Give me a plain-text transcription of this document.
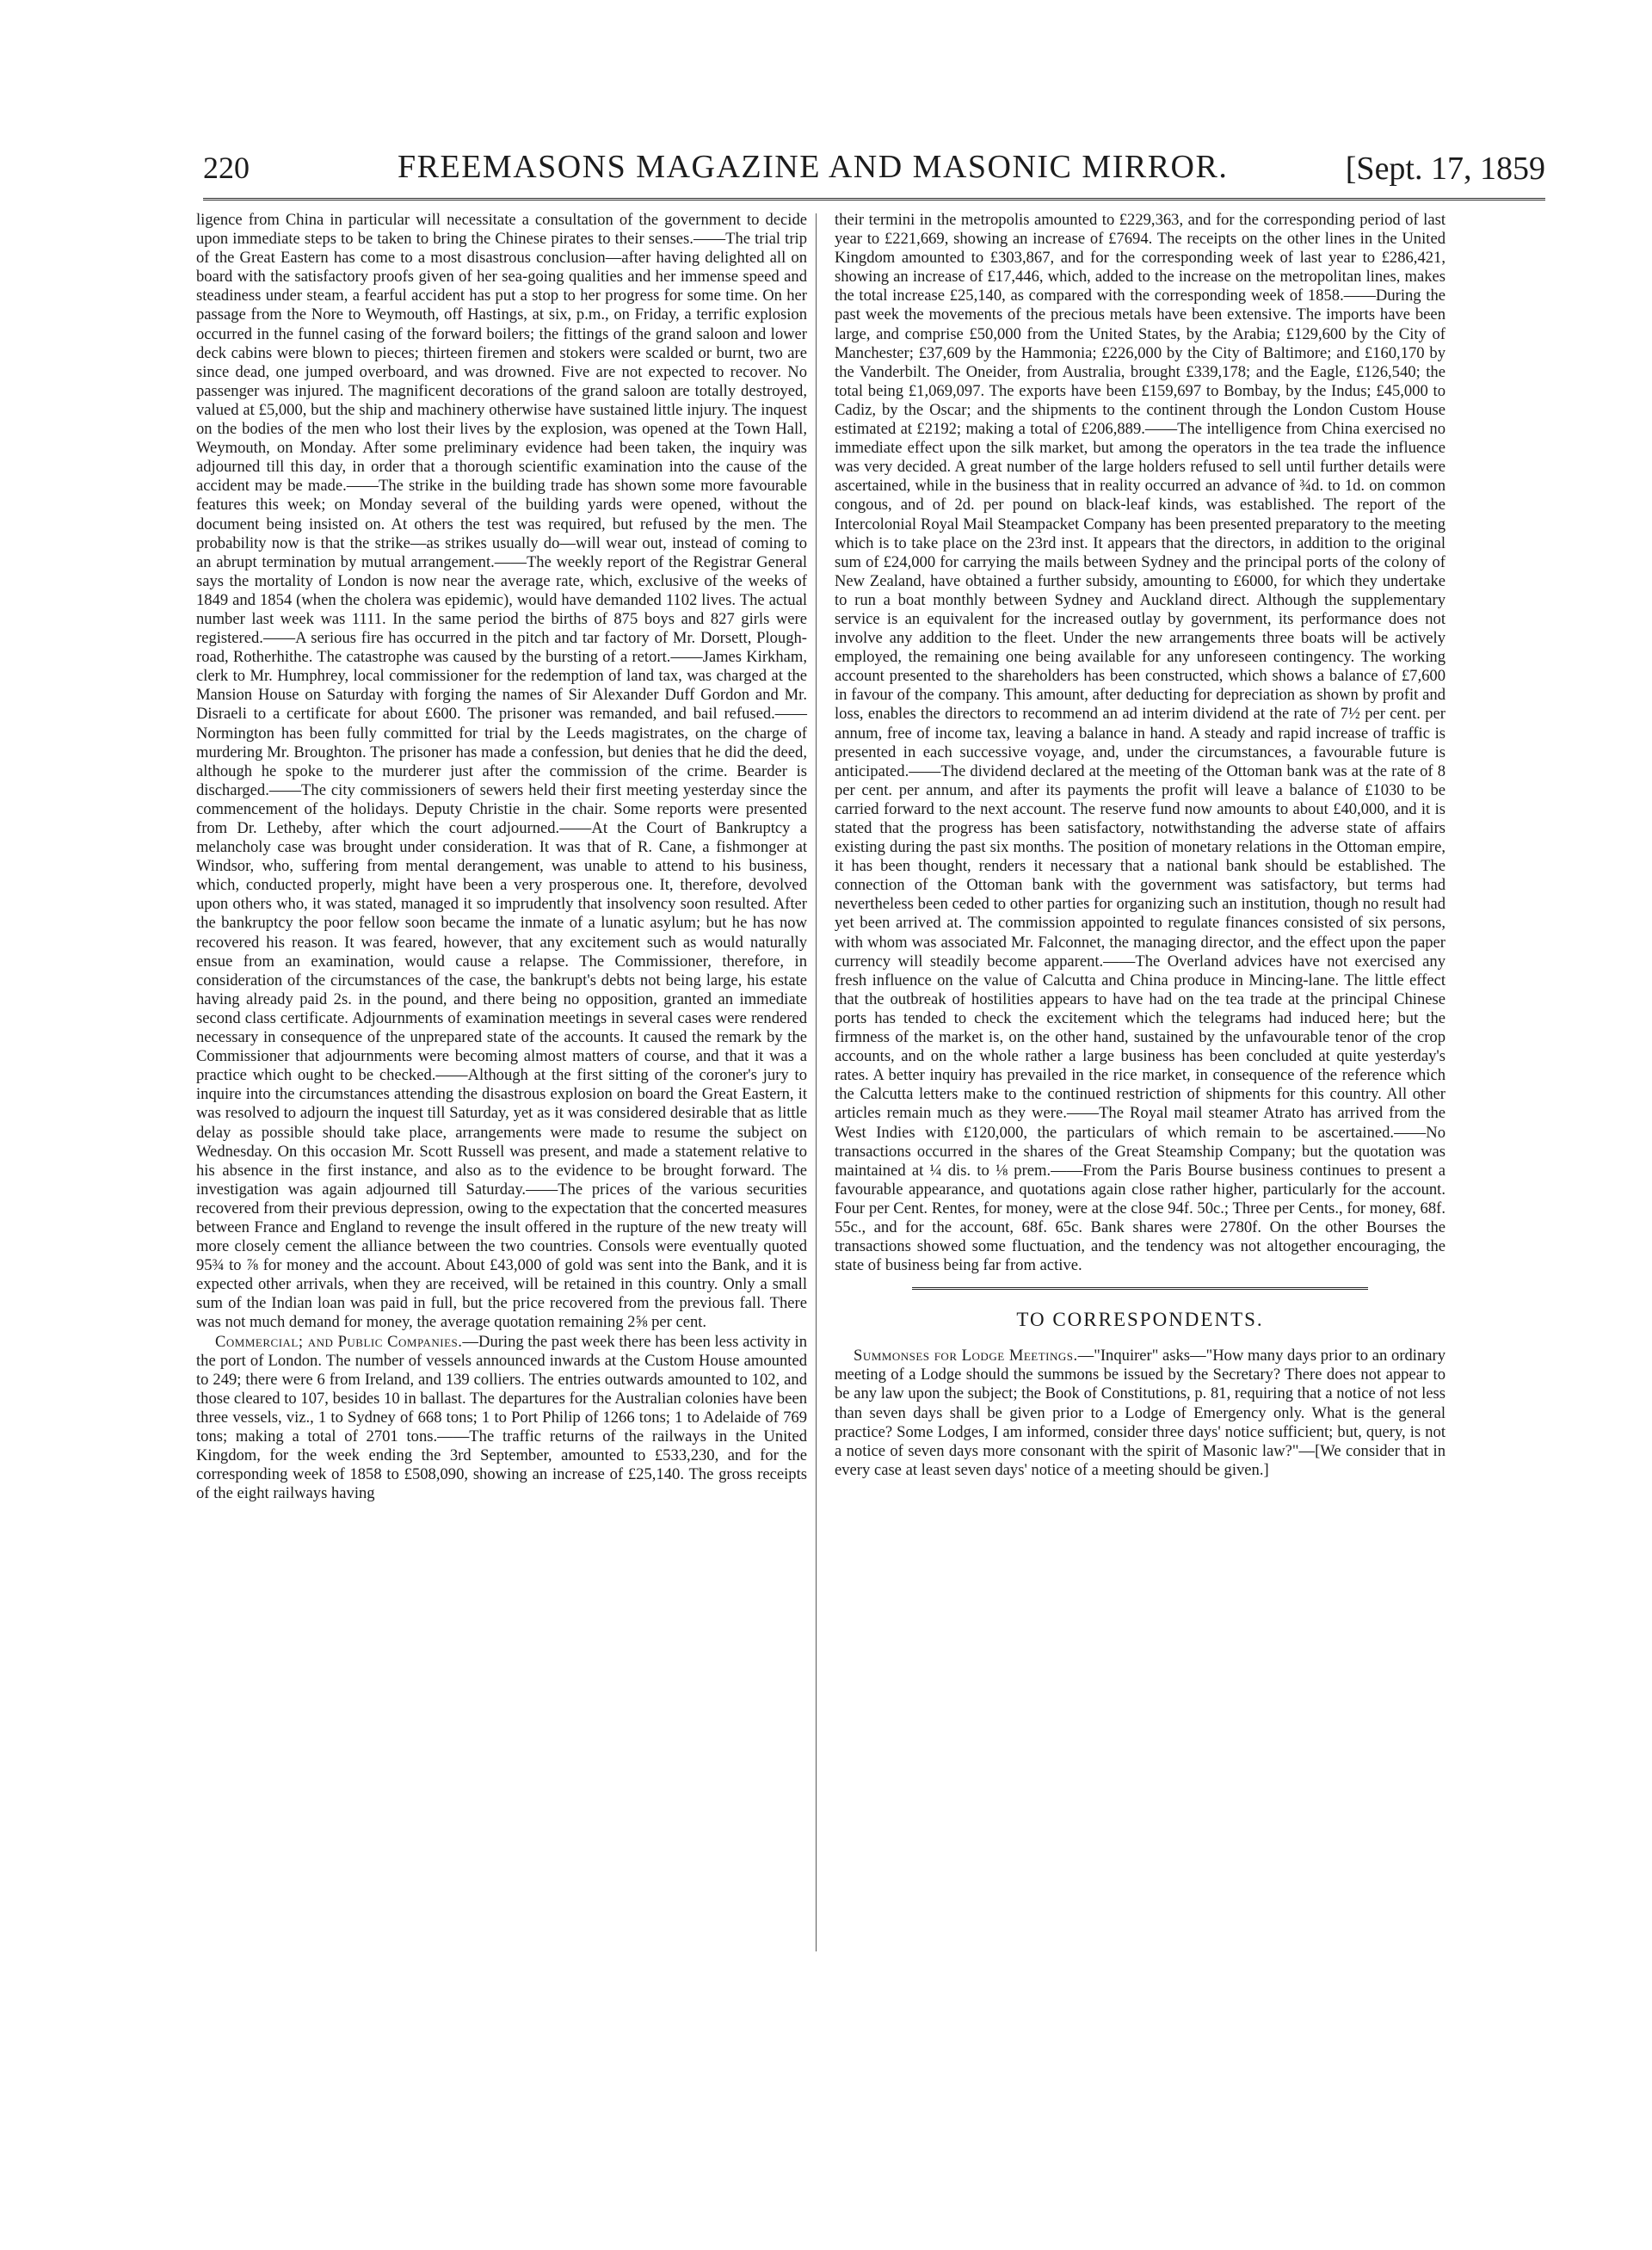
220	FREEMASONS MAGAZINE AND MASONIC MIRROR.	[Sept. 17, 1859

ligence from China in particular will necessitate a consultation of the government to decide upon immediate steps to be taken to bring the Chinese pirates to their senses.——The trial trip of the Great Eastern has come to a most disastrous conclusion—after having delighted all on board with the satisfactory proofs given of her sea-going qualities and her immense speed and steadiness under steam, a fearful accident has put a stop to her progress for some time. On her passage from the Nore to Weymouth, off Hastings, at six, p.m., on Friday, a terrific explosion occurred in the funnel casing of the forward boilers; the fittings of the grand saloon and lower deck cabins were blown to pieces; thirteen firemen and stokers were scalded or burnt, two are since dead, one jumped overboard, and was drowned. Five are not expected to recover. No passenger was injured. The magnificent decorations of the grand saloon are totally destroyed, valued at £5,000, but the ship and machinery otherwise have sustained little injury. The inquest on the bodies of the men who lost their lives by the explosion, was opened at the Town Hall, Weymouth, on Monday. After some preliminary evidence had been taken, the inquiry was adjourned till this day, in order that a thorough scientific examination into the cause of the accident may be made.——The strike in the building trade has shown some more favourable features this week; on Monday several of the building yards were opened, without the document being insisted on. At others the test was required, but refused by the men. The probability now is that the strike—as strikes usually do—will wear out, instead of coming to an abrupt termination by mutual arrangement.——The weekly report of the Registrar General says the mortality of London is now near the average rate, which, exclusive of the weeks of 1849 and 1854 (when the cholera was epidemic), would have demanded 1102 lives. The actual number last week was 1111. In the same period the births of 875 boys and 827 girls were registered.——A serious fire has occurred in the pitch and tar factory of Mr. Dorsett, Plough-road, Rotherhithe. The catastrophe was caused by the bursting of a retort.——James Kirkham, clerk to Mr. Humphrey, local commissioner for the redemption of land tax, was charged at the Mansion House on Saturday with forging the names of Sir Alexander Duff Gordon and Mr. Disraeli to a certificate for about £600. The prisoner was remanded, and bail refused.——Normington has been fully committed for trial by the Leeds magistrates, on the charge of murdering Mr. Broughton. The prisoner has made a confession, but denies that he did the deed, although he spoke to the murderer just after the commission of the crime. Bearder is discharged.——The city commissioners of sewers held their first meeting yesterday since the commencement of the holidays. Deputy Christie in the chair. Some reports were presented from Dr. Letheby, after which the court adjourned.——At the Court of Bankruptcy a melancholy case was brought under consideration. It was that of R. Cane, a fishmonger at Windsor, who, suffering from mental derangement, was unable to attend to his business, which, conducted properly, might have been a very prosperous one. It, therefore, devolved upon others who, it was stated, managed it so imprudently that insolvency soon resulted. After the bankruptcy the poor fellow soon became the inmate of a lunatic asylum; but he has now recovered his reason. It was feared, however, that any excitement such as would naturally ensue from an examination, would cause a relapse. The Commissioner, therefore, in consideration of the circumstances of the case, the bankrupt's debts not being large, his estate having already paid 2s. in the pound, and there being no opposition, granted an immediate second class certificate. Adjournments of examination meetings in several cases were rendered necessary in consequence of the unprepared state of the accounts. It caused the remark by the Commissioner that adjournments were becoming almost matters of course, and that it was a practice which ought to be checked.——Although at the first sitting of the coroner's jury to inquire into the circumstances attending the disastrous explosion on board the Great Eastern, it was resolved to adjourn the inquest till Saturday, yet as it was considered desirable that as little delay as possible should take place, arrangements were made to resume the subject on Wednesday. On this occasion Mr. Scott Russell was present, and made a statement relative to his absence in the first instance, and also as to the evidence to be brought forward. The investigation was again adjourned till Saturday.——The prices of the various securities recovered from their previous depression, owing to the expectation that the concerted measures between France and England to revenge the insult offered in the rupture of the new treaty will more closely cement the alliance between the two countries. Consols were eventually quoted 95¾ to ⅞ for money and the account. About £43,000 of gold was sent into the Bank, and it is expected other arrivals, when they are received, will be retained in this country. Only a small sum of the Indian loan was paid in full, but the price recovered from the previous fall. There was not much demand for money, the average quotation remaining 2⅝ per cent.

Commercial; and Public Companies.—During the past week there has been less activity in the port of London. The number of vessels announced inwards at the Custom House amounted to 249; there were 6 from Ireland, and 139 colliers. The entries outwards amounted to 102, and those cleared to 107, besides 10 in ballast. The departures for the Australian colonies have been three vessels, viz., 1 to Sydney of 668 tons; 1 to Port Philip of 1266 tons; 1 to Adelaide of 769 tons; making a total of 2701 tons.——The traffic returns of the railways in the United Kingdom, for the week ending the 3rd September, amounted to £533,230, and for the corresponding week of 1858 to £508,090, showing an increase of £25,140. The gross receipts of the eight railways having

their termini in the metropolis amounted to £229,363, and for the corresponding period of last year to £221,669, showing an increase of £7694. The receipts on the other lines in the United Kingdom amounted to £303,867, and for the corresponding week of last year to £286,421, showing an increase of £17,446, which, added to the increase on the metropolitan lines, makes the total increase £25,140, as compared with the corresponding week of 1858.——During the past week the movements of the precious metals have been extensive. The imports have been large, and comprise £50,000 from the United States, by the Arabia; £129,600 by the City of Manchester; £37,609 by the Hammonia; £226,000 by the City of Baltimore; and £160,170 by the Vanderbilt. The Oneider, from Australia, brought £339,178; and the Eagle, £126,540; the total being £1,069,097. The exports have been £159,697 to Bombay, by the Indus; £45,000 to Cadiz, by the Oscar; and the shipments to the continent through the London Custom House estimated at £2192; making a total of £206,889.——The intelligence from China exercised no immediate effect upon the silk market, but among the operators in the tea trade the influence was very decided. A great number of the large holders refused to sell until further details were ascertained, while in the business that in reality occurred an advance of ¾d. to 1d. on common congous, and of 2d. per pound on black-leaf kinds, was established. The report of the Intercolonial Royal Mail Steampacket Company has been presented preparatory to the meeting which is to take place on the 23rd inst. It appears that the directors, in addition to the original sum of £24,000 for carrying the mails between Sydney and the principal ports of the colony of New Zealand, have obtained a further subsidy, amounting to £6000, for which they undertake to run a boat monthly between Sydney and Auckland direct. Although the supplementary service is an equivalent for the increased outlay by government, its performance does not involve any addition to the fleet. Under the new arrangements three boats will be actively employed, the remaining one being available for any unforeseen contingency. The working account presented to the shareholders has been constructed, which shows a balance of £7,600 in favour of the company. This amount, after deducting for depreciation as shown by profit and loss, enables the directors to recommend an ad interim dividend at the rate of 7½ per cent. per annum, free of income tax, leaving a balance in hand. A steady and rapid increase of traffic is presented in each successive voyage, and, under the circumstances, a favourable future is anticipated.——The dividend declared at the meeting of the Ottoman bank was at the rate of 8 per cent. per annum, and after its payments the profit will leave a balance of £1030 to be carried forward to the next account. The reserve fund now amounts to about £40,000, and it is stated that the progress has been satisfactory, notwithstanding the adverse state of affairs existing during the past six months. The position of monetary relations in the Ottoman empire, it has been thought, renders it necessary that a national bank should be established. The connection of the Ottoman bank with the government was satisfactory, but terms had nevertheless been ceded to other parties for organizing such an institution, though no result had yet been arrived at. The commission appointed to regulate finances consisted of six persons, with whom was associated Mr. Falconnet, the managing director, and the effect upon the paper currency will steadily become apparent.——The Overland advices have not exercised any fresh influence on the value of Calcutta and China produce in Mincing-lane. The little effect that the outbreak of hostilities appears to have had on the tea trade at the principal Chinese ports has tended to check the excitement which the telegrams had induced here; but the firmness of the market is, on the other hand, sustained by the unfavourable tenor of the crop accounts, and on the whole rather a large business has been concluded at quite yesterday's rates. A better inquiry has prevailed in the rice market, in consequence of the reference which the Calcutta letters make to the continued restriction of shipments for this country. All other articles remain much as they were.——The Royal mail steamer Atrato has arrived from the West Indies with £120,000, the particulars of which remain to be ascertained.——No transactions occurred in the shares of the Great Steamship Company; but the quotation was maintained at ¼ dis. to ⅛ prem.——From the Paris Bourse business continues to present a favourable appearance, and quotations again close rather higher, particularly for the account. Four per Cent. Rentes, for money, were at the close 94f. 50c.; Three per Cents., for money, 68f. 55c., and for the account, 68f. 65c. Bank shares were 2780f. On the other Bourses the transactions showed some fluctuation, and the tendency was not altogether encouraging, the state of business being far from active.

TO CORRESPONDENTS.

Summonses for Lodge Meetings.—"Inquirer" asks—"How many days prior to an ordinary meeting of a Lodge should the summons be issued by the Secretary? There does not appear to be any law upon the subject; the Book of Constitutions, p. 81, requiring that a notice of not less than seven days shall be given prior to a Lodge of Emergency only. What is the general practice? Some Lodges, I am informed, consider three days' notice sufficient; but, query, is not a notice of seven days more consonant with the spirit of Masonic law?"—[We consider that in every case at least seven days' notice of a meeting should be given.]
